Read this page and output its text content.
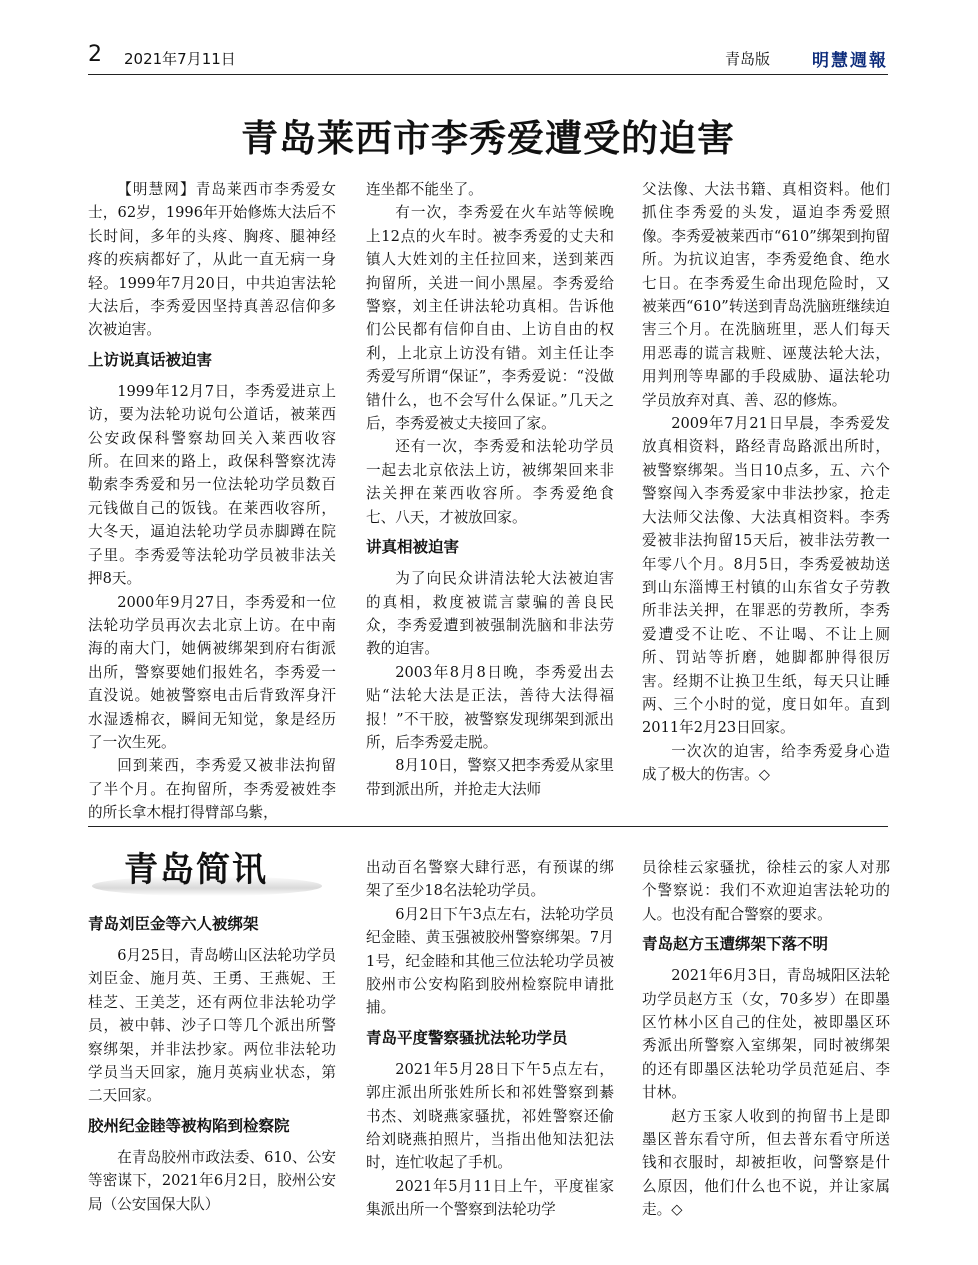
2 2021年7月11日	青岛版 明慧週報
青岛莱西市李秀爱遭受的迫害

【明慧网】青岛莱西市李秀爱女士，62岁，1996年开始修炼大法后不长时间，多年的头疼、胸疼、腿神经疼的疾病都好了，从此一直无病一身轻。1999年7月20日，中共迫害法轮大法后，李秀爱因坚持真善忍信仰多次被迫害。

上访说真话被迫害

1999年12月7日，李秀爱进京上访，要为法轮功说句公道话，被莱西公安政保科警察劫回关入莱西收容所。在回来的路上，政保科警察沈涛勒索李秀爱和另一位法轮功学员数百元钱做自己的饭钱。在莱西收容所，大冬天，逼迫法轮功学员赤脚蹲在院子里。李秀爱等法轮功学员被非法关押8天。

2000年9月27日，李秀爱和一位法轮功学员再次去北京上访。在中南海的南大门，她俩被绑架到府右街派出所，警察要她们报姓名，李秀爱一直没说。她被警察电击后背致浑身汗水湿透棉衣，瞬间无知觉，象是经历了一次生死。

回到莱西，李秀爱又被非法拘留了半个月。在拘留所，李秀爱被姓李的所长拿木棍打得臂部乌紫，

连坐都不能坐了。

有一次，李秀爱在火车站等候晚上12点的火车时。被李秀爱的丈夫和镇人大姓刘的主任拉回来，送到莱西拘留所，关进一间小黑屋。李秀爱给警察，刘主任讲法轮功真相。告诉他们公民都有信仰自由、上访自由的权利，上北京上访没有错。刘主任让李秀爱写所谓“保证”，李秀爱说：“没做错什么，也不会写什么保证。”几天之后，李秀爱被丈夫接回了家。

还有一次，李秀爱和法轮功学员一起去北京依法上访，被绑架回来非法关押在莱西收容所。李秀爱绝食七、八天，才被放回家。

讲真相被迫害

为了向民众讲清法轮大法被迫害的真相，救度被谎言蒙骗的善良民众，李秀爱遭到被强制洗脑和非法劳教的迫害。

2003年8月8日晚，李秀爱出去贴“法轮大法是正法，善待大法得福报！”不干胶，被警察发现绑架到派出所，后李秀爱走脱。

8月10日，警察又把李秀爱从家里带到派出所，并抢走大法师

父法像、大法书籍、真相资料。他们抓住李秀爱的头发，逼迫李秀爱照像。李秀爱被莱西市“610”绑架到拘留所。为抗议迫害，李秀爱绝食、绝水七日。在李秀爱生命出现危险时，又被莱西“610”转送到青岛洗脑班继续迫害三个月。在洗脑班里，恶人们每天用恶毒的谎言栽赃、诬蔑法轮大法，用判刑等卑鄙的手段威胁、逼法轮功学员放弃对真、善、忍的修炼。

2009年7月21日早晨，李秀爱发放真相资料，路经青岛路派出所时，被警察绑架。当日10点多，五、六个警察闯入李秀爱家中非法抄家，抢走大法师父法像、大法真相资料。李秀爱被非法拘留15天后，被非法劳教一年零八个月。8月5日，李秀爱被劫送到山东淄博王村镇的山东省女子劳教所非法关押，在罪恶的劳教所，李秀爱遭受不让吃、不让喝、不让上厕所、罚站等折磨，她脚都肿得很厉害。经期不让换卫生纸，每天只让睡两、三个小时的觉，度日如年。直到2011年2月23日回家。

一次次的迫害，给李秀爱身心造成了极大的伤害。◇

青岛简讯
青岛刘臣金等六人被绑架

6月25日，青岛崂山区法轮功学员刘臣金、施月英、王勇、王燕妮、王桂芝、王美芝，还有两位非法轮功学员，被中韩、沙子口等几个派出所警察绑架，并非法抄家。两位非法轮功学员当天回家，施月英病业状态，第二天回家。

胶州纪金睦等被构陷到检察院

在青岛胶州市政法委、610、公安等密谋下，2021年6月2日，胶州公安局（公安国保大队）

出动百名警察大肆行恶，有预谋的绑架了至少18名法轮功学员。

6月2日下午3点左右，法轮功学员纪金睦、黄玉强被胶州警察绑架。7月1号，纪金睦和其他三位法轮功学员被胶州市公安构陷到胶州检察院申请批捕。

青岛平度警察骚扰法轮功学员

2021年5月28日下午5点左右，郭庄派出所张姓所长和祁姓警察到綦书杰、刘晓燕家骚扰，祁姓警察还偷给刘晓燕拍照片，当指出他知法犯法时，连忙收起了手机。

2021年5月11日上午，平度崔家集派出所一个警察到法轮功学

员徐桂云家骚扰，徐桂云的家人对那个警察说：我们不欢迎迫害法轮功的人。也没有配合警察的要求。

青岛赵方玉遭绑架下落不明

2021年6月3日，青岛城阳区法轮功学员赵方玉（女，70多岁）在即墨区竹林小区自己的住处，被即墨区环秀派出所警察入室绑架，同时被绑架的还有即墨区法轮功学员范延启、李甘林。

赵方玉家人收到的拘留书上是即墨区普东看守所，但去普东看守所送钱和衣服时，却被拒收，问警察是什么原因，他们什么也不说，并让家属走。◇
